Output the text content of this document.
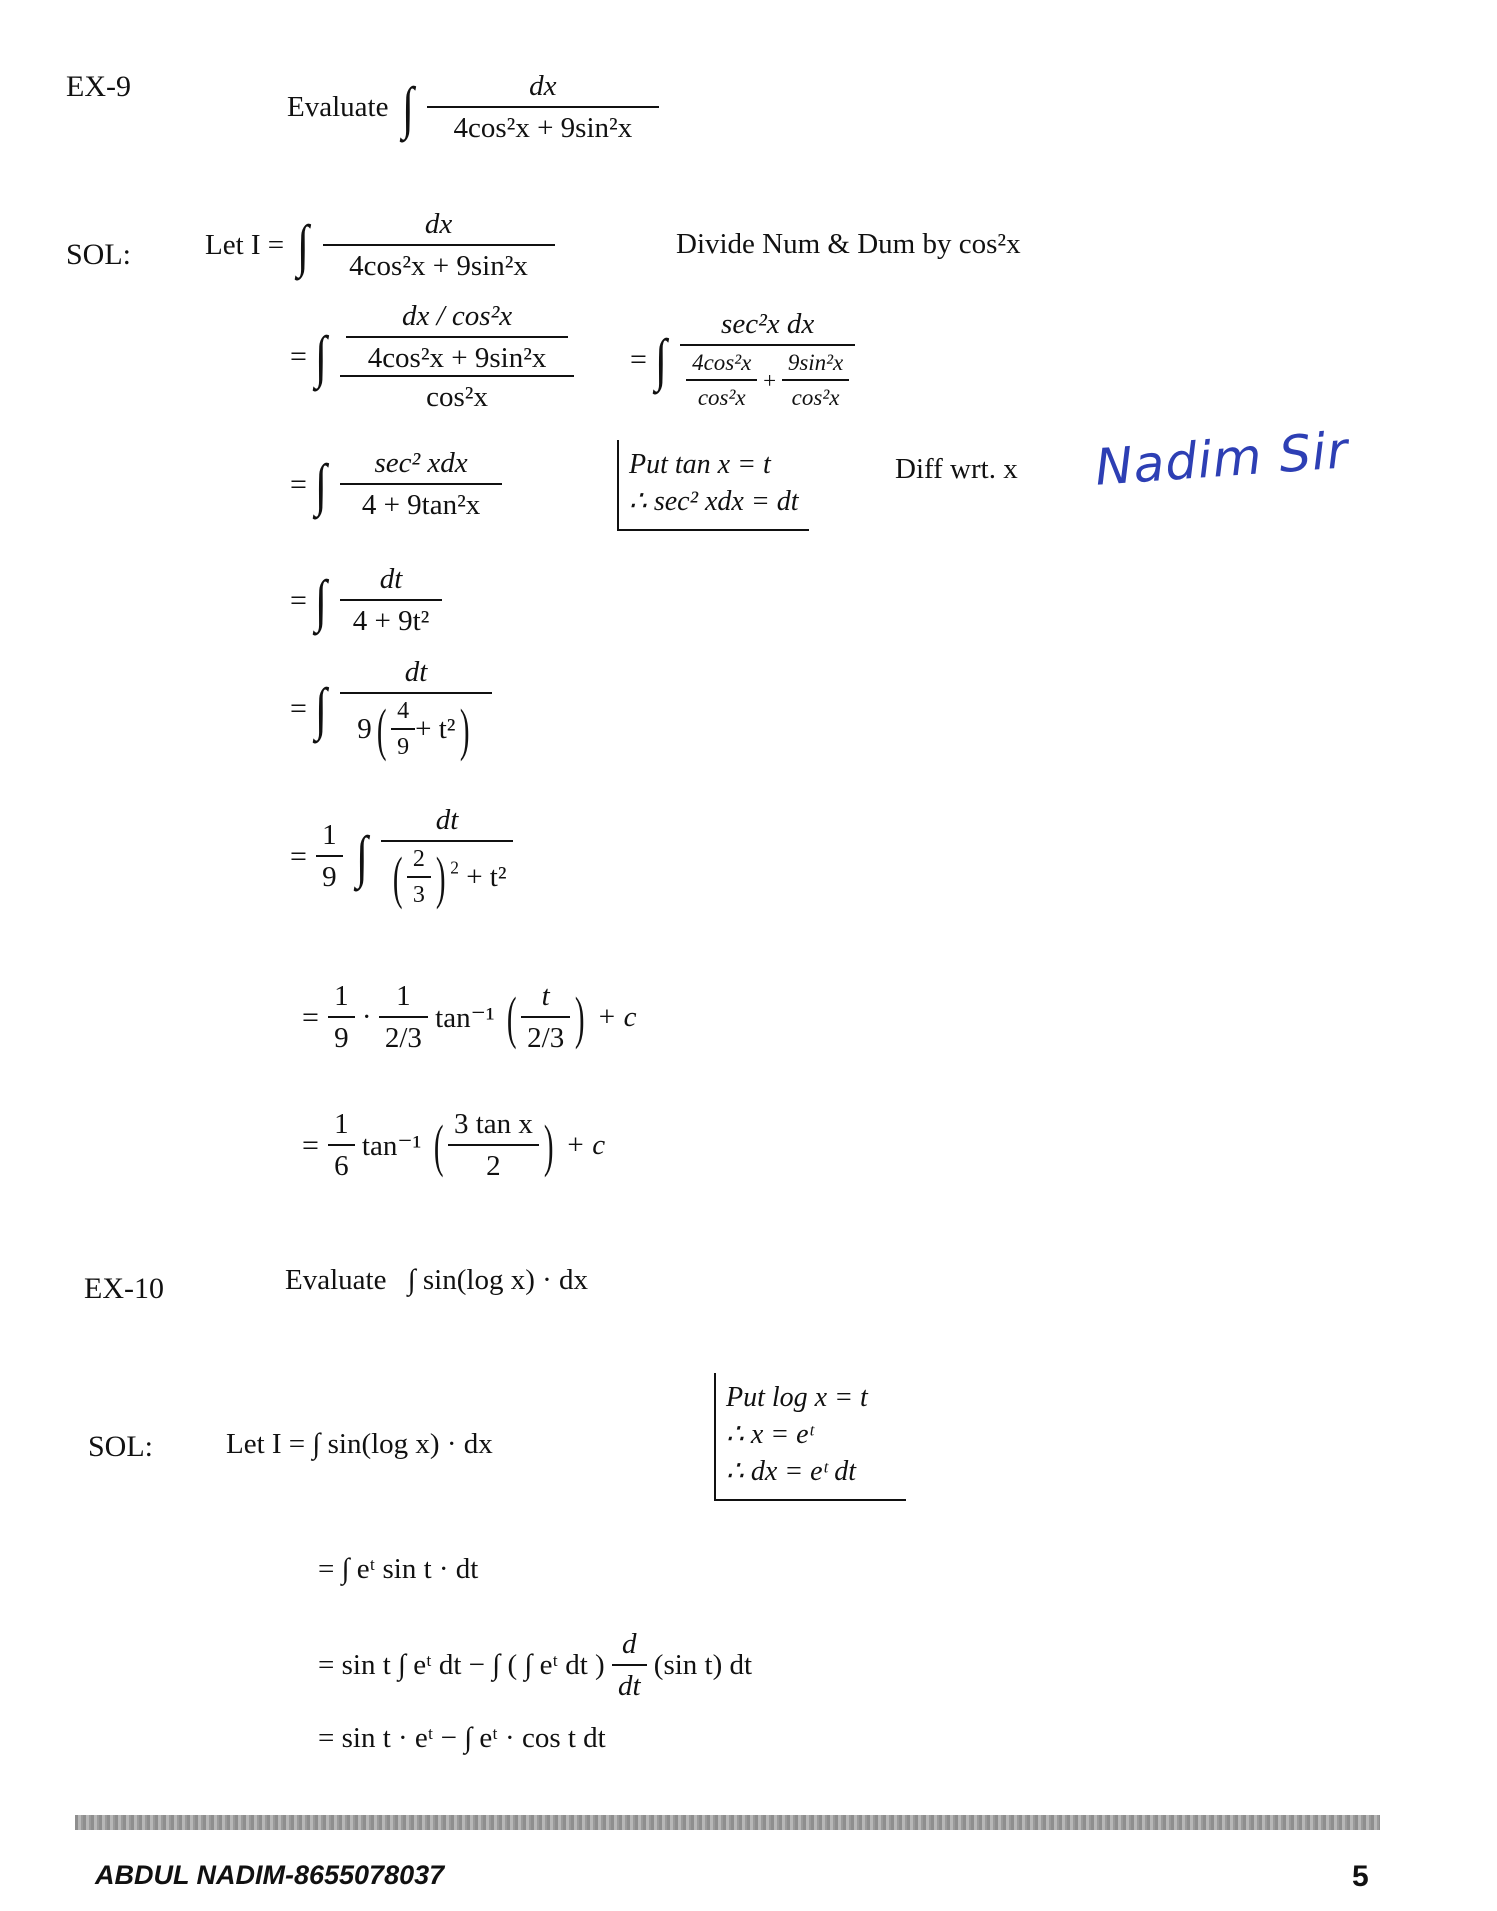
EX-9
Evaluate ∫ $\frac{dx}{\text{4cos²x + 9sin²x}}$
SOL:	Let I = ∫ $\frac{dx}{\text{4cos²x + 9sin²x}}$	Divide Num & Dum by cos²x
= ∫ dx / cos²x
4cos²x + 9sin²x
cos²x = ∫ $\frac{\text{sec²x dx}}{\frac{\text{4cos²x}}{\text{cos²x}} + \frac{\text{9sin²x}}{\text{cos²x}}}$
= ∫ $\frac{\text{sec² xdx}}{\text{4 + 9tan²x}}$	Put tan x = t
∴ sec² xdx = dt
Diff wrt. x Nadim Sir
= ∫ $\frac{dt}{\text{4 + 9t²}}$
= ∫ $\frac{dt}{9( \frac{4}{9} + t^2)}$
= $\frac{1}{9}$ ∫ $\frac{dt}{( \frac{2}{3} ) ^2 + t^2}$
= $\frac{1}{9} \cdot \frac{1}{2/3} \tan^{-1}$ ( $\frac{t}{2/3}$ ) + c
= $\frac{1}{6} \tan^{-1}$ ( $\frac{\text{3 tan x}}{2}$ ) + c
EX-10	Evaluate ∫ sin(log x) · dx
SOL:	Let I = ∫ sin(log x) · dx
Put log x = t
∴ x = eᵗ
∴ dx = eᵗ dt
= ∫ eᵗ sin t · dt
= sin t ∫ eᵗ dt − ∫ ( ∫ eᵗ dt ) $\frac{d}{dt} (\sin$ t) dt
= sin t · eᵗ − ∫ eᵗ · cos t dt
ABDUL NADIM-8655078037	5
